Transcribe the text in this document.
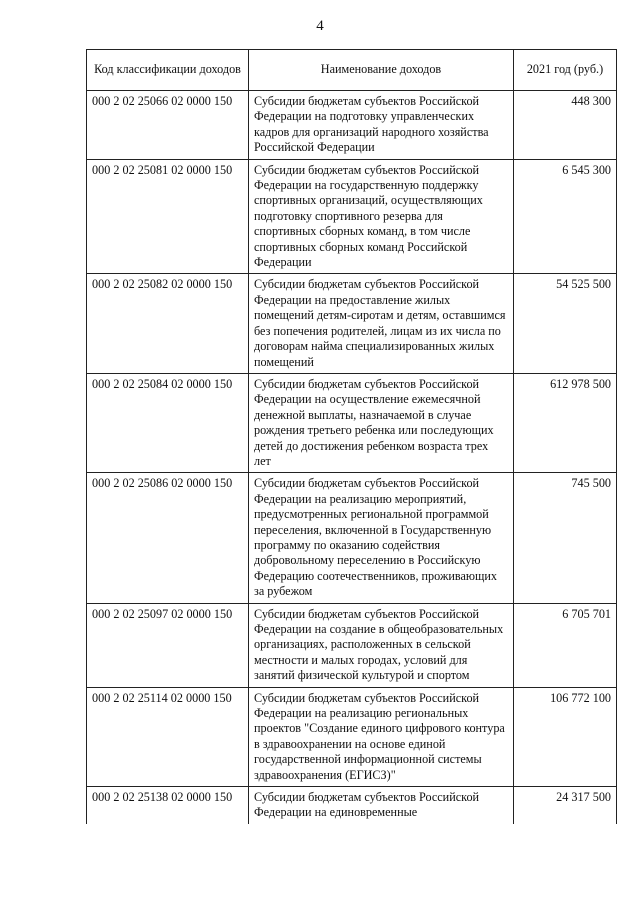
4
Код классификации доходов	Наименование доходов	2021 год (руб.)
000 2 02 25066 02 0000 150	Субсидии бюджетам субъектов Российской Федерации на подготовку управленческих кадров для организаций народного хозяйства Российской Федерации	448 300
000 2 02 25081 02 0000 150	Субсидии бюджетам субъектов Российской Федерации на государственную поддержку спортивных организаций, осуществляющих подготовку спортивного резерва для спортивных сборных команд, в том числе спортивных сборных команд Российской Федерации	6 545 300
000 2 02 25082 02 0000 150	Субсидии бюджетам субъектов Российской Федерации на предоставление жилых помещений детям-сиротам и детям, оставшимся без попечения родителей, лицам из их числа по договорам найма специализированных жилых помещений	54 525 500
000 2 02 25084 02 0000 150	Субсидии бюджетам субъектов Российской Федерации на осуществление ежемесячной денежной выплаты, назначаемой в случае рождения третьего ребенка или последующих детей до достижения ребенком возраста трех лет	612 978 500
000 2 02 25086 02 0000 150	Субсидии бюджетам субъектов Российской Федерации на реализацию мероприятий, предусмотренных региональной программой переселения, включенной в Государственную программу по оказанию содействия добровольному переселению в Российскую Федерацию соотечественников, проживающих за рубежом	745 500
000 2 02 25097 02 0000 150	Субсидии бюджетам субъектов Российской Федерации на создание в общеобразовательных организациях, расположенных в сельской местности и малых городах, условий для занятий физической культурой и спортом	6 705 701
000 2 02 25114 02 0000 150	Субсидии бюджетам субъектов Российской Федерации на реализацию региональных проектов "Создание единого цифрового контура в здравоохранении на основе единой государственной информационной системы здравоохранения (ЕГИСЗ)"	106 772 100
000 2 02 25138 02 0000 150	Субсидии бюджетам субъектов Российской Федерации на единовременные	24 317 500
